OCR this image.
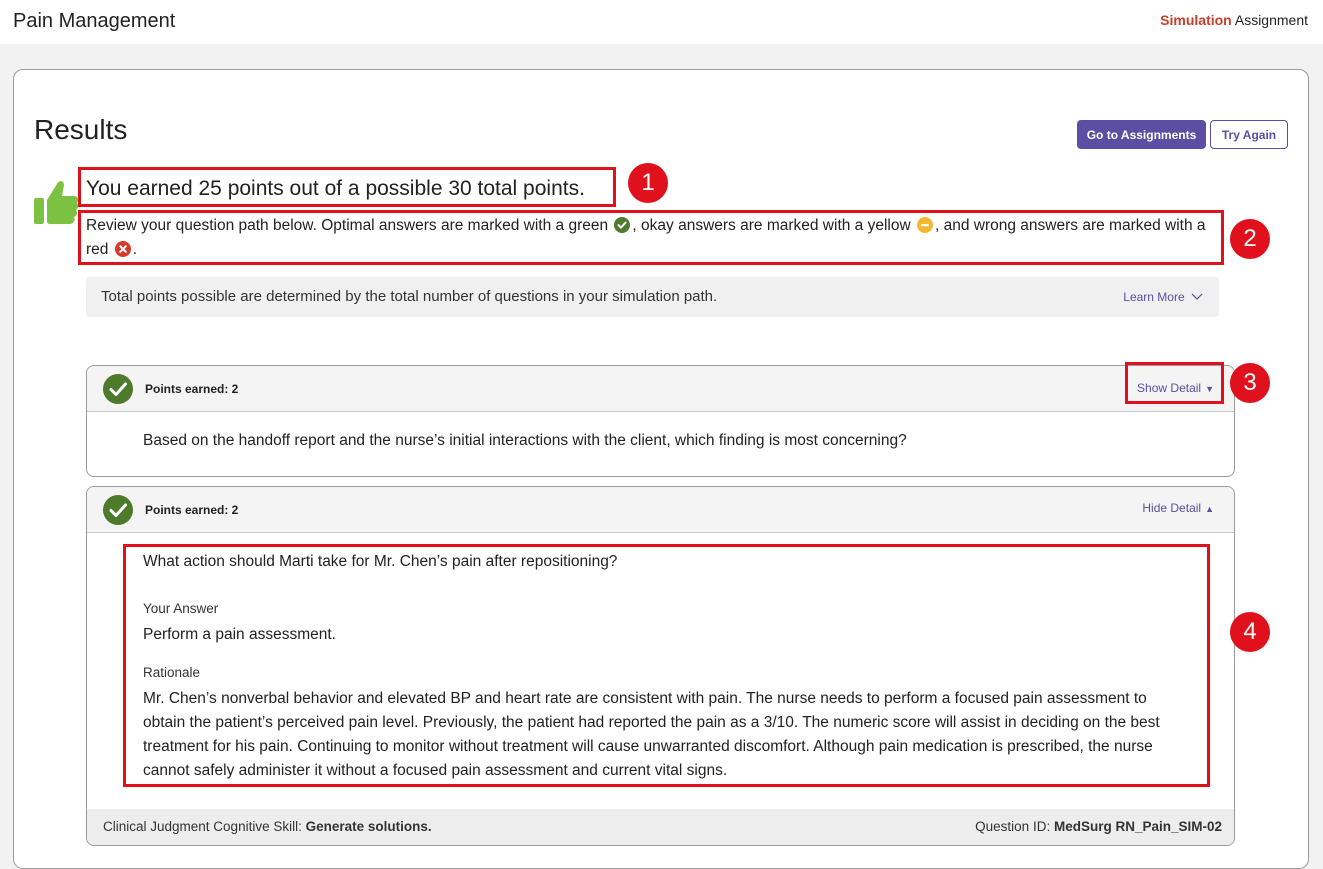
Pain Management	Simulation Assignment
Results	Go to Assignments	Try Again
You earned 25 points out of a possible 30 total points.
Review your question path below. Optimal answers are marked with a green , okay answers are marked with a yellow , and wrong answers are marked with a red .
Total points possible are determined by the total number of questions in your simulation path.	Learn More
Points earned: 2	Show Detail ▼
Based on the handoff report and the nurse’s initial interactions with the client, which finding is most concerning?
Points earned: 2	Hide Detail ▲
What action should Marti take for Mr. Chen’s pain after repositioning?
Your Answer
Perform a pain assessment.
Rationale
Mr. Chen’s nonverbal behavior and elevated BP and heart rate are consistent with pain. The nurse needs to perform a focused pain assessment to obtain the patient’s perceived pain level. Previously, the patient had reported the pain as a 3/10. The numeric score will assist in deciding on the best treatment for his pain. Continuing to monitor without treatment will cause unwarranted discomfort. Although pain medication is prescribed, the nurse cannot safely administer it without a focused pain assessment and current vital signs.
Clinical Judgment Cognitive Skill: Generate solutions.	Question ID: MedSurg RN_Pain_SIM-02
1
2
3
4
